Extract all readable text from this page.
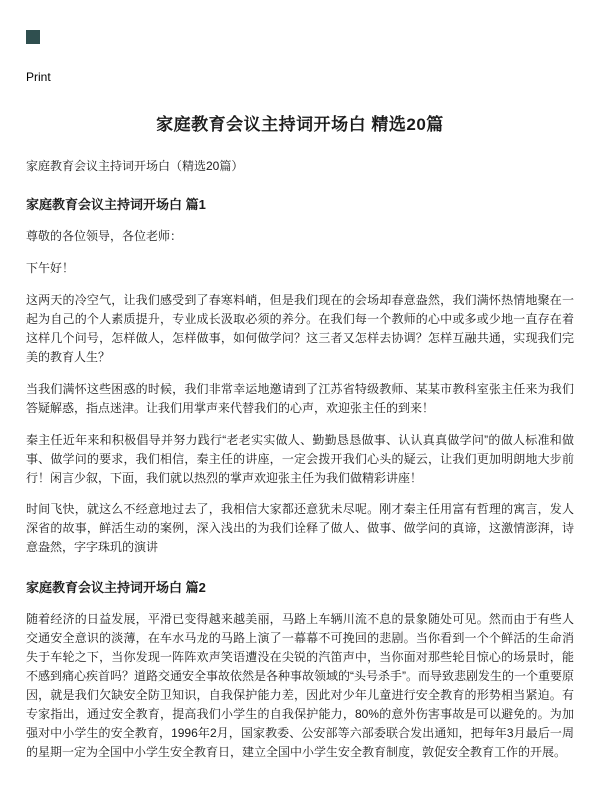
Print
家庭教育会议主持词开场白 精选20篇

家庭教育会议主持词开场白（精选20篇）

家庭教育会议主持词开场白 篇1

尊敬的各位领导，各位老师：

下午好！

这两天的冷空气，让我们感受到了春寒料峭，但是我们现在的会场却春意盎然，我们满怀热情地聚在一起为自己的个人素质提升，专业成长汲取必须的养分。在我们每一个教师的心中或多或少地一直存在着这样几个问号，怎样做人，怎样做事，如何做学问？这三者又怎样去协调？怎样互融共通，实现我们完美的教育人生？

当我们满怀这些困惑的时候，我们非常幸运地邀请到了江苏省特级教师、某某市教科室张主任来为我们答疑解惑，指点迷津。让我们用掌声来代替我们的心声，欢迎张主任的到来！

秦主任近年来和积极倡导并努力践行“老老实实做人、勤勤恳恳做事、认认真真做学问”的做人标准和做事、做学问的要求，我们相信，秦主任的讲座，一定会拨开我们心头的疑云，让我们更加明朗地大步前行！闲言少叙，下面，我们就以热烈的掌声欢迎张主任为我们做精彩讲座！

时间飞快，就这么不经意地过去了，我相信大家都还意犹未尽呢。刚才秦主任用富有哲理的寓言，发人深省的故事，鲜活生动的案例，深入浅出的为我们诠释了做人、做事、做学问的真谛，这激情澎湃，诗意盎然，字字珠玑的演讲

家庭教育会议主持词开场白 篇2

随着经济的日益发展，平滑已变得越来越美丽，马路上车辆川流不息的景象随处可见。然而由于有些人交通安全意识的淡薄，在车水马龙的马路上演了一幕幕不可挽回的悲剧。当你看到一个个鲜活的生命消失于车轮之下，当你发现一阵阵欢声笑语遭没在尖锐的汽笛声中，当你面对那些轮目惊心的场景时，能不感到痛心疾首吗？道路交通安全事故依然是各种事故领域的“头号杀手”。而导致悲剧发生的一个重要原因，就是我们欠缺安全防卫知识，自我保护能力差，因此对少年儿童进行安全教育的形势相当紧迫。有专家指出，通过安全教育，提高我们小学生的自我保护能力，80%的意外伤害事故是可以避免的。为加强对中小学生的安全教育，1996年2月，国家教委、公安部等六部委联合发出通知，把每年3月最后一周的星期一定为全国中小学生安全教育日，建立全国中小学生安全教育制度，敦促安全教育工作的开展。
